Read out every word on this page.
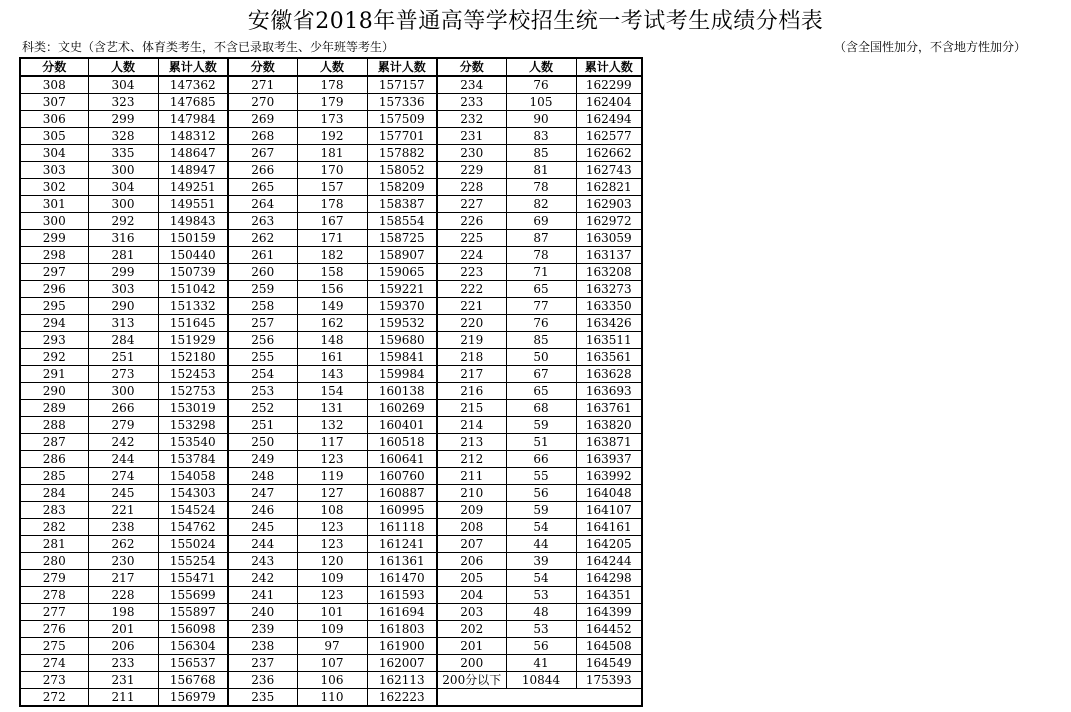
安徽省2018年普通高等学校招生统一考试考生成绩分档表
科类：文史（含艺术、体育类考生，不含已录取考生、少年班等考生）	（含全国性加分，不含地方性加分）
分数	人数	累计人数	分数	人数	累计人数	分数	人数	累计人数
308	304	147362	271	178	157157	234	76	162299
307	323	147685	270	179	157336	233	105	162404
306	299	147984	269	173	157509	232	90	162494
305	328	148312	268	192	157701	231	83	162577
304	335	148647	267	181	157882	230	85	162662
303	300	148947	266	170	158052	229	81	162743
302	304	149251	265	157	158209	228	78	162821
301	300	149551	264	178	158387	227	82	162903
300	292	149843	263	167	158554	226	69	162972
299	316	150159	262	171	158725	225	87	163059
298	281	150440	261	182	158907	224	78	163137
297	299	150739	260	158	159065	223	71	163208
296	303	151042	259	156	159221	222	65	163273
295	290	151332	258	149	159370	221	77	163350
294	313	151645	257	162	159532	220	76	163426
293	284	151929	256	148	159680	219	85	163511
292	251	152180	255	161	159841	218	50	163561
291	273	152453	254	143	159984	217	67	163628
290	300	152753	253	154	160138	216	65	163693
289	266	153019	252	131	160269	215	68	163761
288	279	153298	251	132	160401	214	59	163820
287	242	153540	250	117	160518	213	51	163871
286	244	153784	249	123	160641	212	66	163937
285	274	154058	248	119	160760	211	55	163992
284	245	154303	247	127	160887	210	56	164048
283	221	154524	246	108	160995	209	59	164107
282	238	154762	245	123	161118	208	54	164161
281	262	155024	244	123	161241	207	44	164205
280	230	155254	243	120	161361	206	39	164244
279	217	155471	242	109	161470	205	54	164298
278	228	155699	241	123	161593	204	53	164351
277	198	155897	240	101	161694	203	48	164399
276	201	156098	239	109	161803	202	53	164452
275	206	156304	238	97	161900	201	56	164508
274	233	156537	237	107	162007	200	41	164549
273	231	156768	236	106	162113	200分以下	10844	175393
272	211	156979	235	110	162223			
